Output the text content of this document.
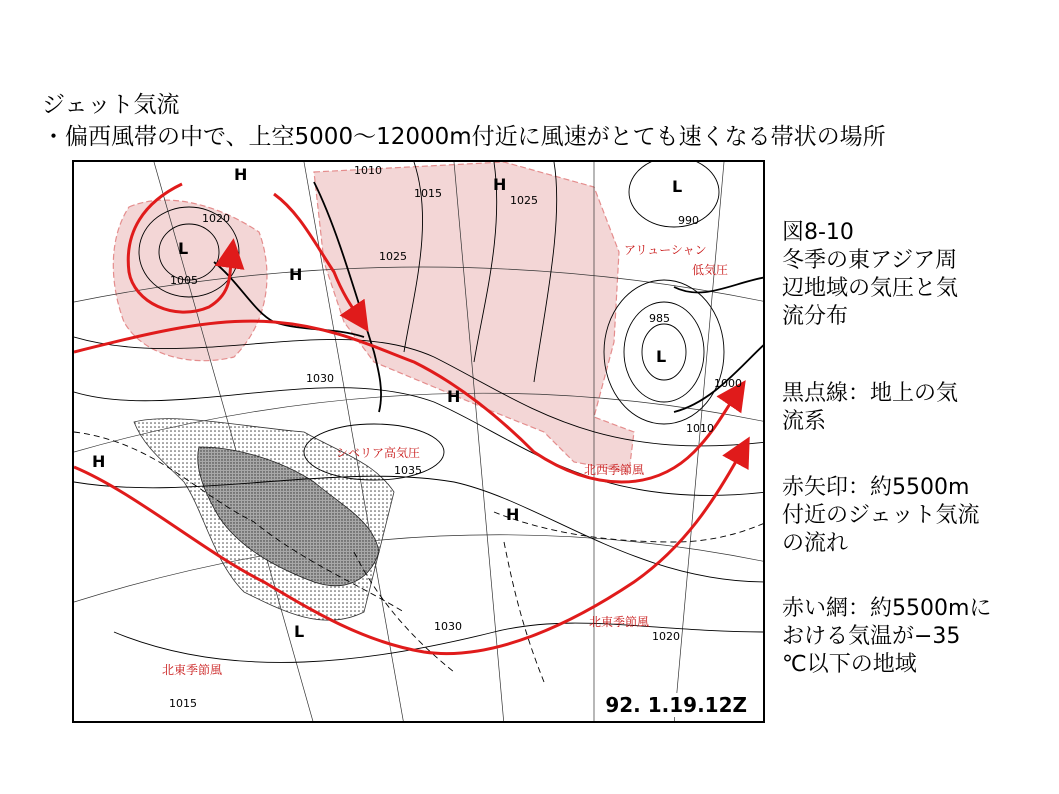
ジェット気流
・偏西風帯の中で、上空5000～12000m付近に風速がとても速くなる帯状の場所
H
L
H
H
H
H
H
L
L
L
1010
1015
1025
1020
1005
1025
990
985
1000
1010
1030
1035
1030
1020
1015
アリューシャン
低気圧
シベリア高気圧
北西季節風
北東季節風
北東季節風
92. 1.19.12Z
図8-10
冬季の東アジア周
辺地域の気圧と気
流分布
黒点線：地上の気
流系
赤矢印：約5500m
付近のジェット気流
の流れ
赤い網：約5500mに
おける気温が−35
℃以下の地域
